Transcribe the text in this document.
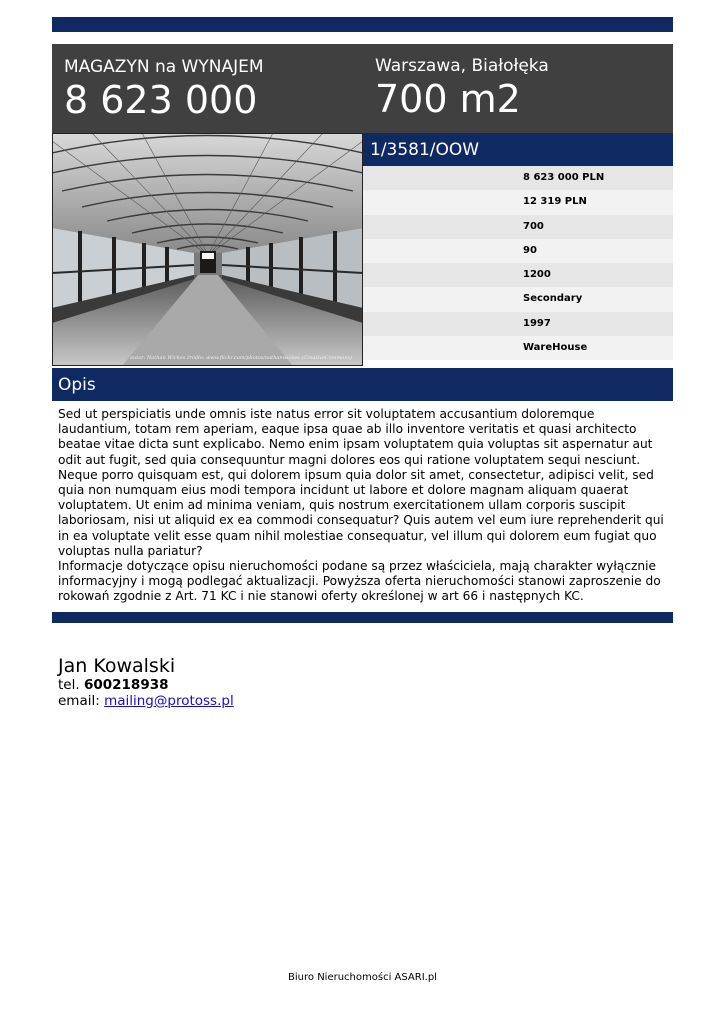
MAGAZYN na WYNAJEM
8 623 000
Warszawa, Białołęka
700 m2
autor: Nathan Wickes źródło: www.flickr.com/photos/nathanwickes (CreativeCommons)
1/3581/OOW
8 623 000 PLN
12 319 PLN
700
90
1200
Secondary
1997
WareHouse
Opis

Sed ut perspiciatis unde omnis iste natus error sit voluptatem accusantium doloremque laudantium, totam rem aperiam, eaque ipsa quae ab illo inventore veritatis et quasi architecto beatae vitae dicta sunt explicabo. Nemo enim ipsam voluptatem quia voluptas sit aspernatur aut odit aut fugit, sed quia consequuntur magni dolores eos qui ratione voluptatem sequi nesciunt. Neque porro quisquam est, qui dolorem ipsum quia dolor sit amet, consectetur, adipisci velit, sed quia non numquam eius modi tempora incidunt ut labore et dolore magnam aliquam quaerat voluptatem. Ut enim ad minima veniam, quis nostrum exercitationem ullam corporis suscipit laboriosam, nisi ut aliquid ex ea commodi consequatur? Quis autem vel eum iure reprehenderit qui in ea voluptate velit esse quam nihil molestiae consequatur, vel illum qui dolorem eum fugiat quo voluptas nulla pariatur?

Informacje dotyczące opisu nieruchomości podane są przez właściciela, mają charakter wyłącznie informacyjny i mogą podlegać aktualizacji. Powyższa oferta nieruchomości stanowi zaproszenie do rokowań zgodnie z Art. 71 KC i nie stanowi oferty określonej w art 66 i następnych KC.

Jan Kowalski
tel. 600218938
email: mailing@protoss.pl
Biuro Nieruchomości ASARI.pl
